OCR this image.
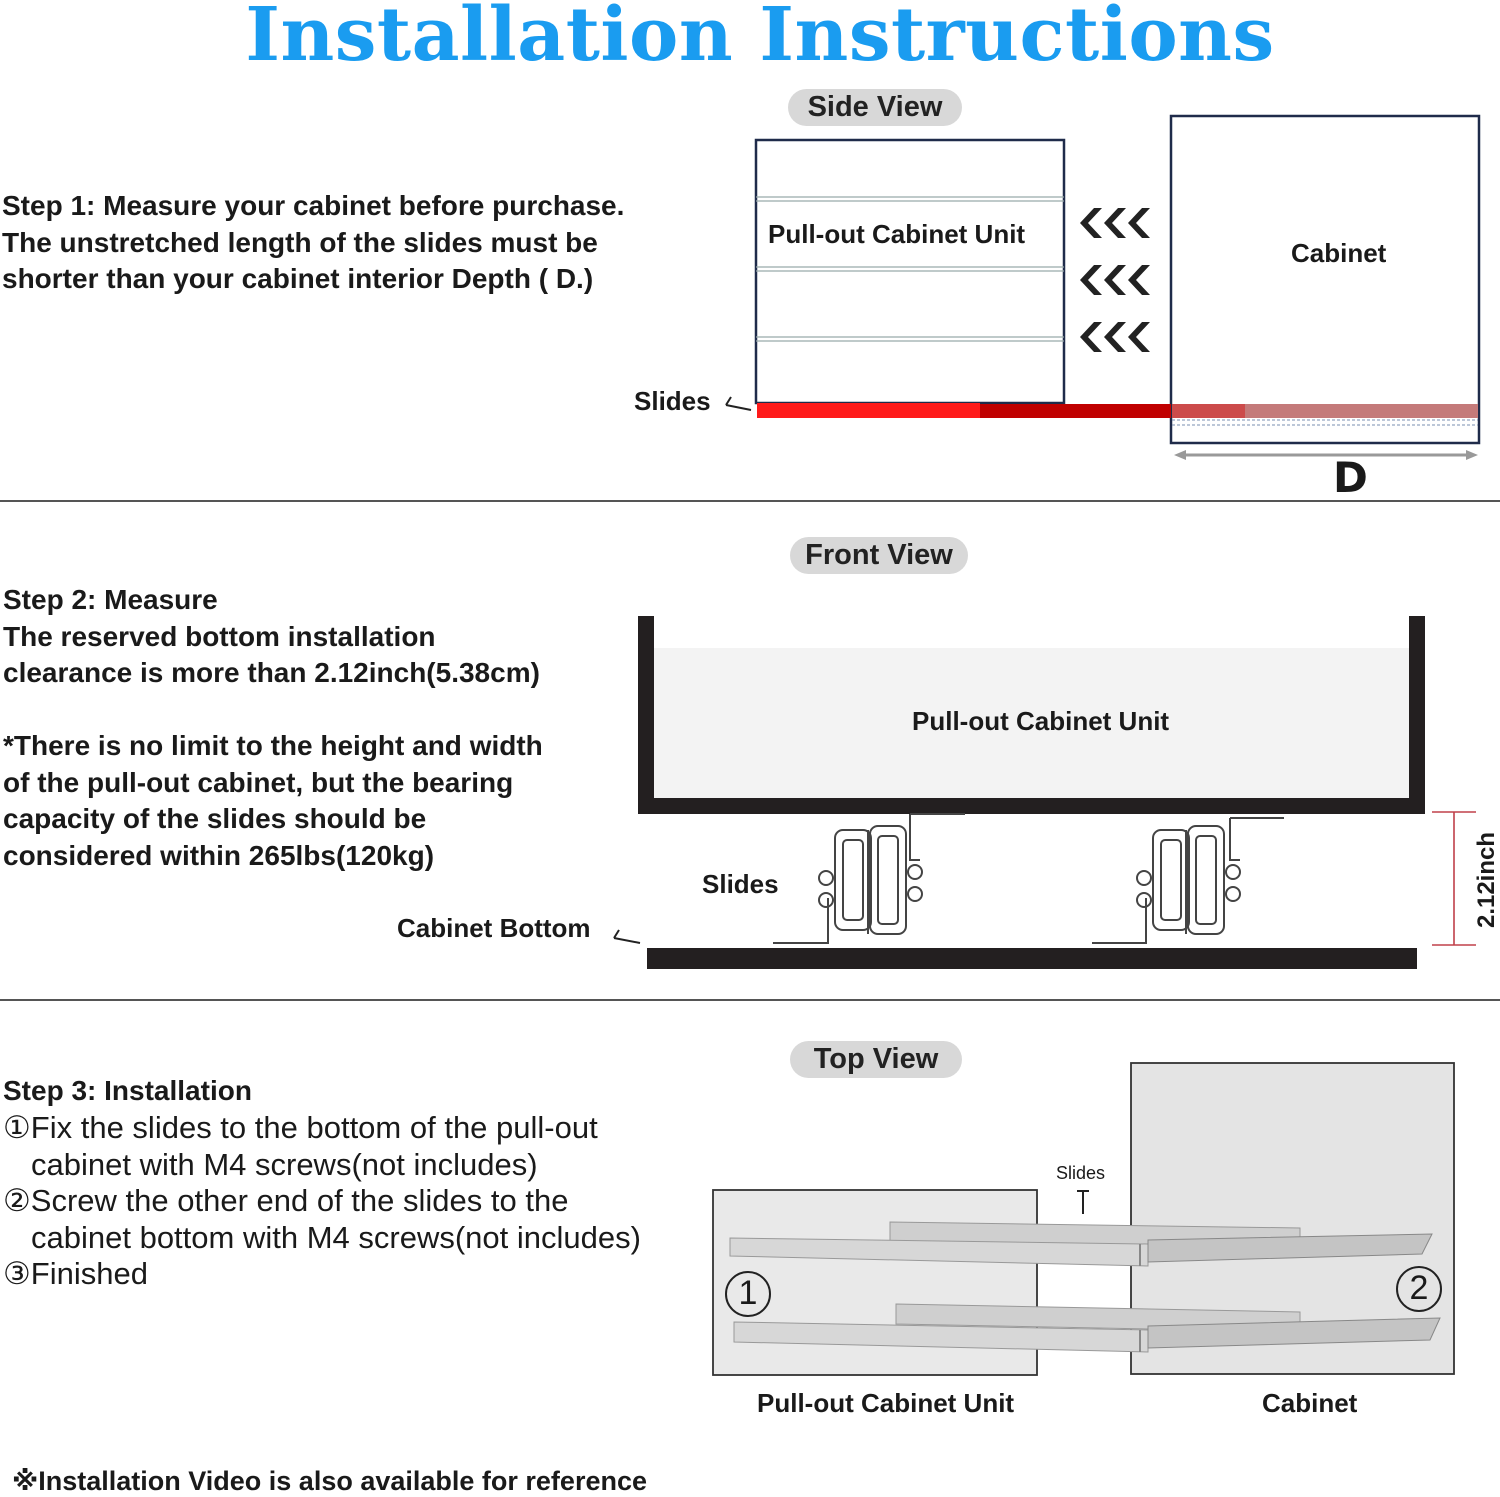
Installation Instructions
Side View
Step 1: Measure your cabinet before purchase.
The unstretched length of the slides must be
shorter than your cabinet interior Depth ( D.)
Pull-out Cabinet Unit
Cabinet
Slides
D
Front View
Step 2: Measure
The reserved bottom installation
clearance is more than 2.12inch(5.38cm)

*There is no limit to the height and width
of the pull-out cabinet, but the bearing
capacity of the slides should be
considered within 265lbs(120kg)
Pull-out Cabinet Unit
Slides
Cabinet Bottom	2.12inch
Top View
Step 3: Installation
①Fix the slides to the bottom of the pull-out
cabinet with M4 screws(not includes)
②Screw the other end of the slides to the
cabinet bottom with M4 screws(not includes)
③Finished
Slides
1	2
Pull-out Cabinet Unit	Cabinet
※Installation Video is also available for reference
